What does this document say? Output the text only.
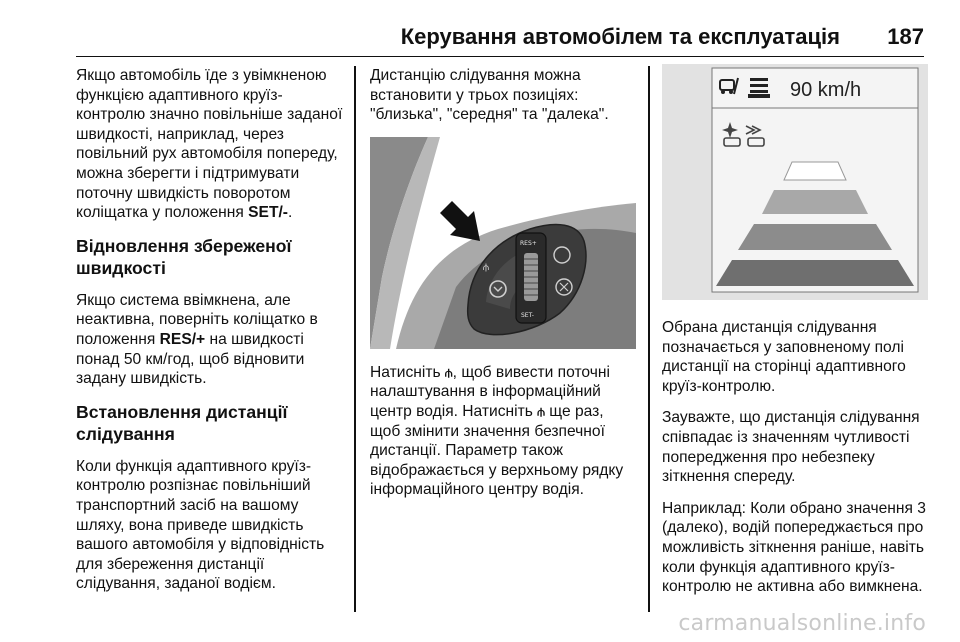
Керування автомобілем та експлуатація 187

Якщо автомобіль їде з увімкненою функцією адаптивного круїз-контролю значно повільніше заданої швидкості, наприклад, через повільний рух автомобіля попереду, можна зберегти і підтримувати поточну швидкість поворотом коліщатка у положення SET/-.

Відновлення збереженої швидкості

Якщо система ввімкнена, але неактивна, поверніть коліщатко в положення RES/+ на швидкості понад 50 км/год, щоб відновити задану швидкість.

Встановлення дистанції слідування

Коли функція адаптивного круїз-контролю розпізнає повільніший транспортний засіб на вашому шляху, вона приведе швидкість вашого автомобіля у відповідність для збереження дистанції слідування, заданої водієм.

Дистанцію слідування можна встановити у трьох позиціях: "близька", "середня" та "далека".

⫛
RES+
SET-

Натисніть ⫛, щоб вивести поточні налаштування в інформаційний центр водія. Натисніть ⫛ ще раз, щоб змінити значення безпечної дистанції. Параметр також відображається у верхньому рядку інформаційного центру водія.

90 km/h

Обрана дистанція слідування позначається у заповненому полі дистанції на сторінці адаптивного круїз-контролю.

Зауважте, що дистанція слідування співпадає із значенням чутливості попередження про небезпеку зіткнення спереду.

Наприклад: Коли обрано значення 3 (далеко), водій попереджається про можливість зіткнення раніше, навіть коли функція адаптивного круїз-контролю не активна або вимкнена.

carmanualsonline.info
